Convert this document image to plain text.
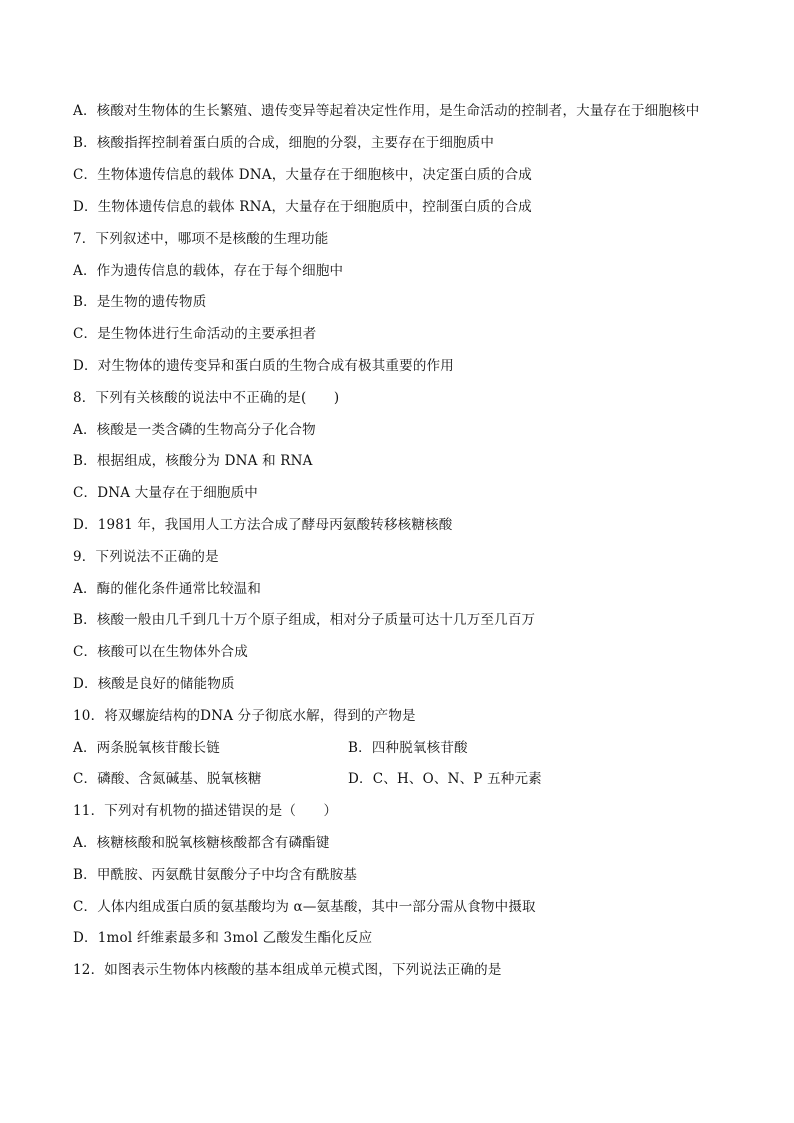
A．核酸对生物体的生长繁殖、遗传变异等起着决定性作用，是生命活动的控制者，大量存在于细胞核中
B．核酸指挥控制着蛋白质的合成，细胞的分裂，主要存在于细胞质中
C．生物体遗传信息的载体 DNA，大量存在于细胞核中，决定蛋白质的合成
D．生物体遗传信息的载体 RNA，大量存在于细胞质中，控制蛋白质的合成
7．下列叙述中，哪项不是核酸的生理功能
A．作为遗传信息的载体，存在于每个细胞中
B．是生物的遗传物质
C．是生物体进行生命活动的主要承担者
D．对生物体的遗传变异和蛋白质的生物合成有极其重要的作用
8．下列有关核酸的说法中不正确的是(　　)
A．核酸是一类含磷的生物高分子化合物
B．根据组成，核酸分为 DNA 和 RNA
C．DNA 大量存在于细胞质中
D．1981 年，我国用人工方法合成了酵母丙氨酸转移核糖核酸
9．下列说法不正确的是
A．酶的催化条件通常比较温和
B．核酸一般由几千到几十万个原子组成，相对分子质量可达十几万至几百万
C．核酸可以在生物体外合成
D．核酸是良好的储能物质
10．将双螺旋结构的DNA 分子彻底水解，得到的产物是
A．两条脱氧核苷酸长链	B．四种脱氧核苷酸
C．磷酸、含氮碱基、脱氧核糖	D．C、H、O、N、P 五种元素
11．下列对有机物的描述错误的是（　　）
A．核糖核酸和脱氧核糖核酸都含有磷酯键
B．甲酰胺、丙氨酰甘氨酸分子中均含有酰胺基
C．人体内组成蛋白质的氨基酸均为 α—氨基酸，其中一部分需从食物中摄取
D．1mol 纤维素最多和 3mol 乙酸发生酯化反应
12．如图表示生物体内核酸的基本组成单元模式图，下列说法正确的是
